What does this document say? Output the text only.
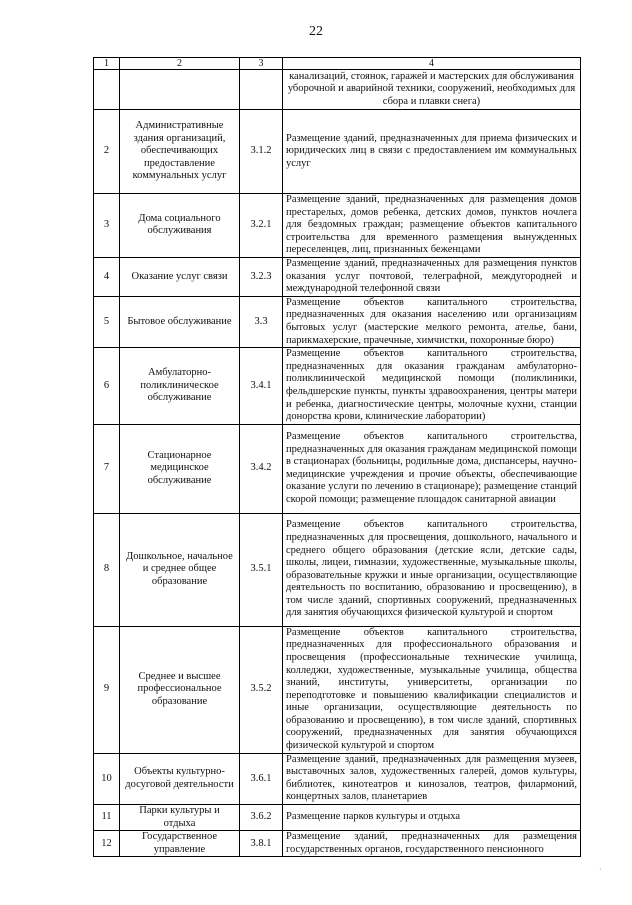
22
1	2	3	4
			канализаций, стоянок, гаражей и мастерских для обслуживания уборочной и аварийной техники, сооружений, необходимых для сбора и плавки снега)
2	Административные здания организаций, обеспечивающих предоставление коммунальных услуг	3.1.2	Размещение зданий, предназначенных для приема физических и юридических лиц в связи с предоставлением им коммунальных услуг
3	Дома социального обслуживания	3.2.1	Размещение зданий, предназначенных для размещения домов престарелых, домов ребенка, детских домов, пунктов ночлега для бездомных граждан; размещение объектов капитального строительства для временного размещения вынужденных переселенцев, лиц, признанных беженцами
4	Оказание услуг связи	3.2.3	Размещение зданий, предназначенных для размещения пунктов оказания услуг почтовой, телеграфной, междугородней и международной телефонной связи
5	Бытовое обслуживание	3.3	Размещение объектов капитального строительства, предназначенных для оказания населению или организациям бытовых услуг (мастерские мелкого ремонта, ателье, бани, парикмахерские, прачечные, химчистки, похоронные бюро)
6	Амбулаторно-поликлиническое обслуживание	3.4.1	Размещение объектов капитального строительства, предназначенных для оказания гражданам амбулаторно-поликлинической медицинской помощи (поликлиники, фельдшерские пункты, пункты здравоохранения, центры матери и ребенка, диагностические центры, молочные кухни, станции донорства крови, клинические лаборатории)
7	Стационарное медицинское обслуживание	3.4.2	Размещение объектов капитального строительства, предназначенных для оказания гражданам медицинской помощи в стационарах (больницы, родильные дома, диспансеры, научно-медицинские учреждения и прочие объекты, обеспечивающие оказание услуги по лечению в стационаре); размещение станций скорой помощи; размещение площадок санитарной авиации
8	Дошкольное, начальное и среднее общее образование	3.5.1	Размещение объектов капитального строительства, предназначенных для просвещения, дошкольного, начального и среднего общего образования (детские ясли, детские сады, школы, лицеи, гимназии, художественные, музыкальные школы, образовательные кружки и иные организации, осуществляющие деятельность по воспитанию, образованию и просвещению), в том числе зданий, спортивных сооружений, предназначенных для занятия обучающихся физической культурой и спортом
9	Среднее и высшее профессиональное образование	3.5.2	Размещение объектов капитального строительства, предназначенных для профессионального образования и просвещения (профессиональные технические училища, колледжи, художественные, музыкальные училища, общества знаний, институты, университеты, организации по переподготовке и повышению квалификации специалистов и иные организации, осуществляющие деятельность по образованию и просвещению), в том числе зданий, спортивных сооружений, предназначенных для занятия обучающихся физической культурой и спортом
10	Объекты культурно-досуговой деятельности	3.6.1	Размещение зданий, предназначенных для размещения музеев, выставочных залов, художественных галерей, домов культуры, библиотек, кинотеатров и кинозалов, театров, филармоний, концертных залов, планетариев
11	Парки культуры и отдыха	3.6.2	Размещение парков культуры и отдыха
12	Государственное управление	3.8.1	Размещение зданий, предназначенных для размещения государственных органов, государственного пенсионного
·
